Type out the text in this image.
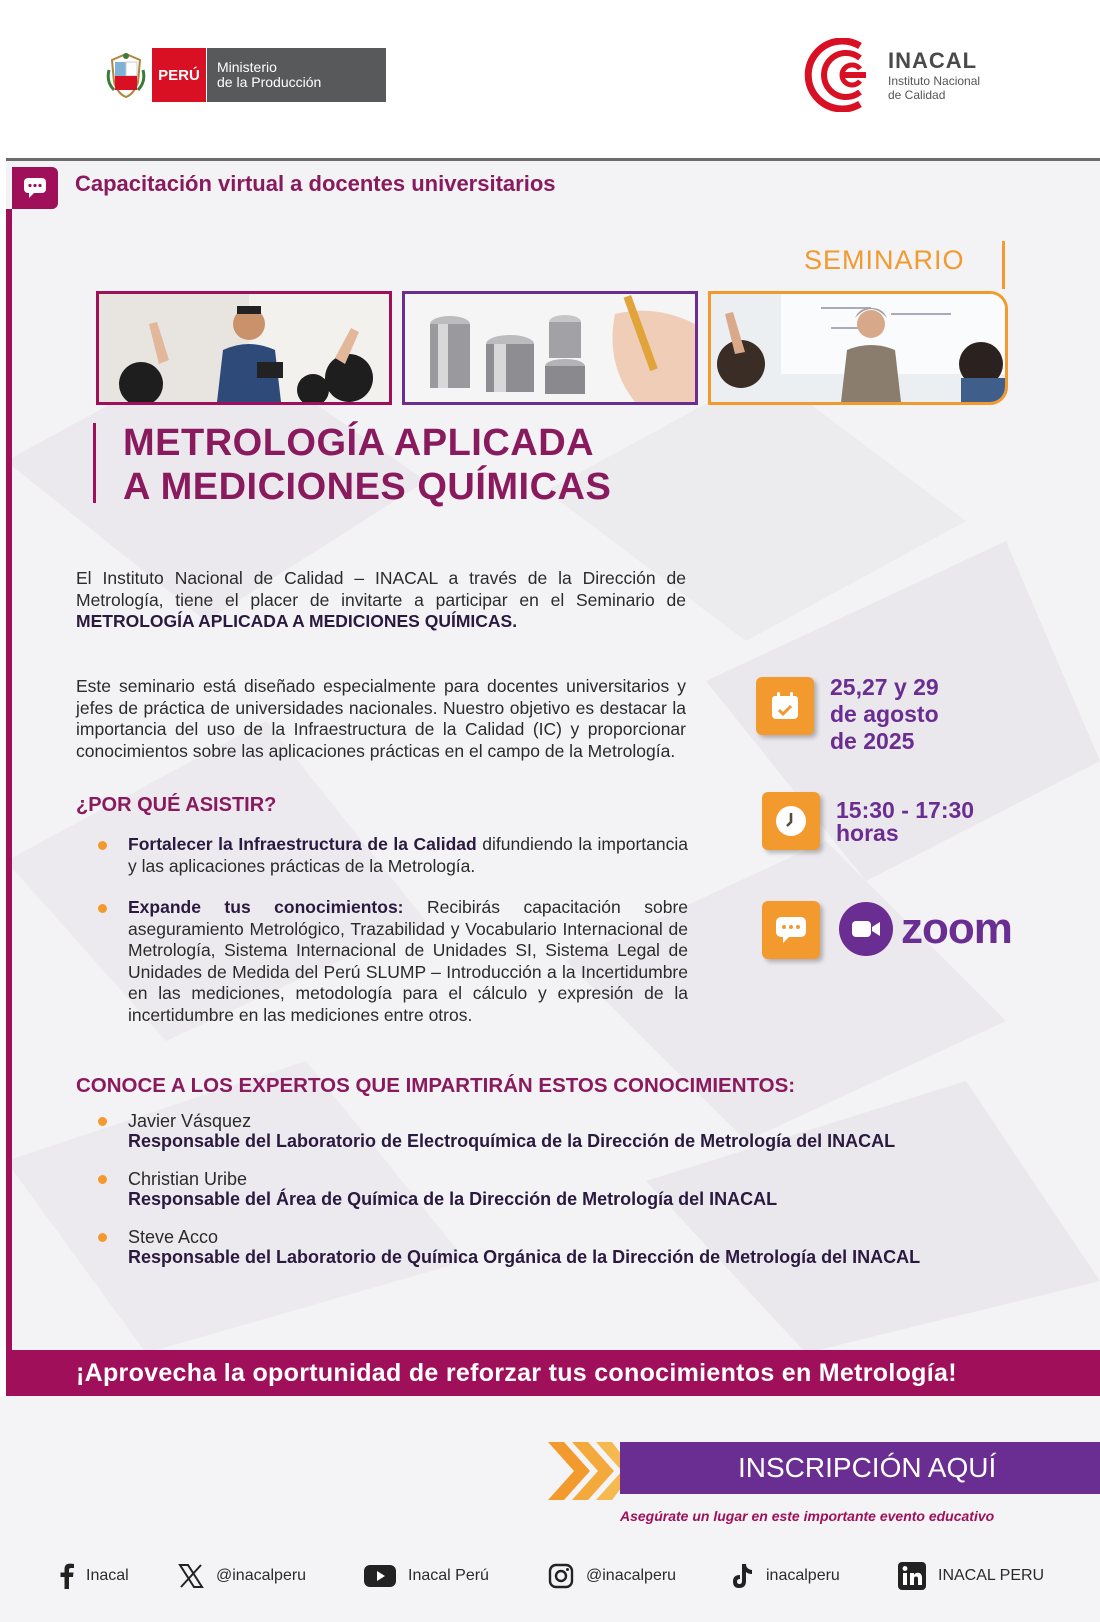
PERÚ	Ministerio
de la Producción
INACAL
Instituto Nacional
de Calidad
Capacitación virtual a docentes universitarios
SEMINARIO
METROLOGÍA APLICADA
A MEDICIONES QUÍMICAS

El Instituto Nacional de Calidad – INACAL a través de la Dirección de Metrología, tiene el placer de invitarte a participar en el Seminario de METROLOGÍA APLICADA A MEDICIONES QUÍMICAS.

Este seminario está diseñado especialmente para docentes universitarios y jefes de práctica de universidades nacionales. Nuestro objetivo es destacar la importancia del uso de la Infraestructura de la Calidad (IC) y proporcionar conocimientos sobre las aplicaciones prácticas en el campo de la Metrología.

¿POR QUÉ ASISTIR?
Fortalecer la Infraestructura de la Calidad difundiendo la importancia y las aplicaciones prácticas de la Metrología.
Expande tus conocimientos: Recibirás capacitación sobre aseguramiento Metrológico, Trazabilidad y Vocabulario Internacional de Metrología, Sistema Internacional de Unidades SI, Sistema Legal de Unidades de Medida del Perú SLUMP – Introducción a la Incertidumbre en las mediciones, metodología para el cálculo y expresión de la incertidumbre en las mediciones entre otros.
CONOCE A LOS EXPERTOS QUE IMPARTIRÁN ESTOS CONOCIMIENTOS:
Javier Vásquez
Responsable del Laboratorio de Electroquímica de la Dirección de Metrología del INACAL
Christian Uribe
Responsable del Área de Química de la Dirección de Metrología del INACAL
Steve Acco
Responsable del Laboratorio de Química Orgánica de la Dirección de Metrología del INACAL
25,27 y 29
de agosto
de 2025
15:30 - 17:30
horas
zoom
¡Aprovecha la oportunidad de reforzar tus conocimientos en Metrología!
INSCRIPCIÓN AQUÍ
Asegúrate un lugar en este importante evento educativo
Inacal	@inacalperu	Inacal Perú	@inacalperu	inacalperu	INACAL PERU
